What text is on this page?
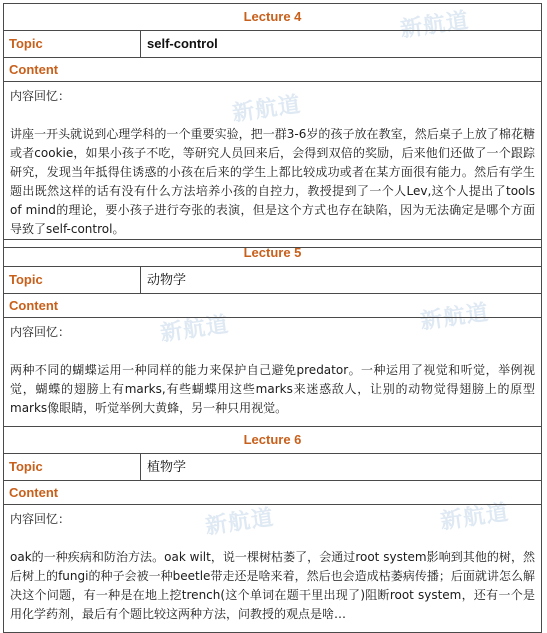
新航道
新航道
新航道	新航道
新航道	新航道
Lecture 4
Topic	self-control
Content
内容回忆：
讲座一开头就说到心理学科的一个重要实验，把一群3-6岁的孩子放在教室，然后桌子上放了棉花糖或者cookie，如果小孩子不吃，等研究人员回来后，会得到双倍的奖励，后来他们还做了一个跟踪研究，发现当年抵得住诱惑的小孩在后来的学生上都比较成功或者在某方面很有能力。然后有学生题出既然这样的话有没有什么方法培养小孩的自控力，教授提到了一个人Lev,这个人提出了tools of mind的理论，要小孩子进行夸张的表演，但是这个方式也存在缺陷，因为无法确定是哪个方面导致了self-control。
Lecture 5
Topic	动物学
Content
内容回忆：
两种不同的蝴蝶运用一种同样的能力来保护自己避免predator。一种运用了视觉和听觉，举例视觉，蝴蝶的翅膀上有marks,有些蝴蝶用这些marks来迷惑敌人，让别的动物觉得翅膀上的原型marks像眼睛，听觉举例大黄蜂，另一种只用视觉。
Lecture 6
Topic	植物学
Content
内容回忆：
oak的一种疾病和防治方法。oak wilt，说一棵树枯萎了，会通过root system影响到其他的树，然后树上的fungi的种子会被一种beetle带走还是啥来着，然后也会造成枯萎病传播；后面就讲怎么解决这个问题，有一种是在地上挖trench(这个单词在题干里出现了)阻断root system，还有一个是用化学药剂，最后有个题比较这两种方法，问教授的观点是啥…
